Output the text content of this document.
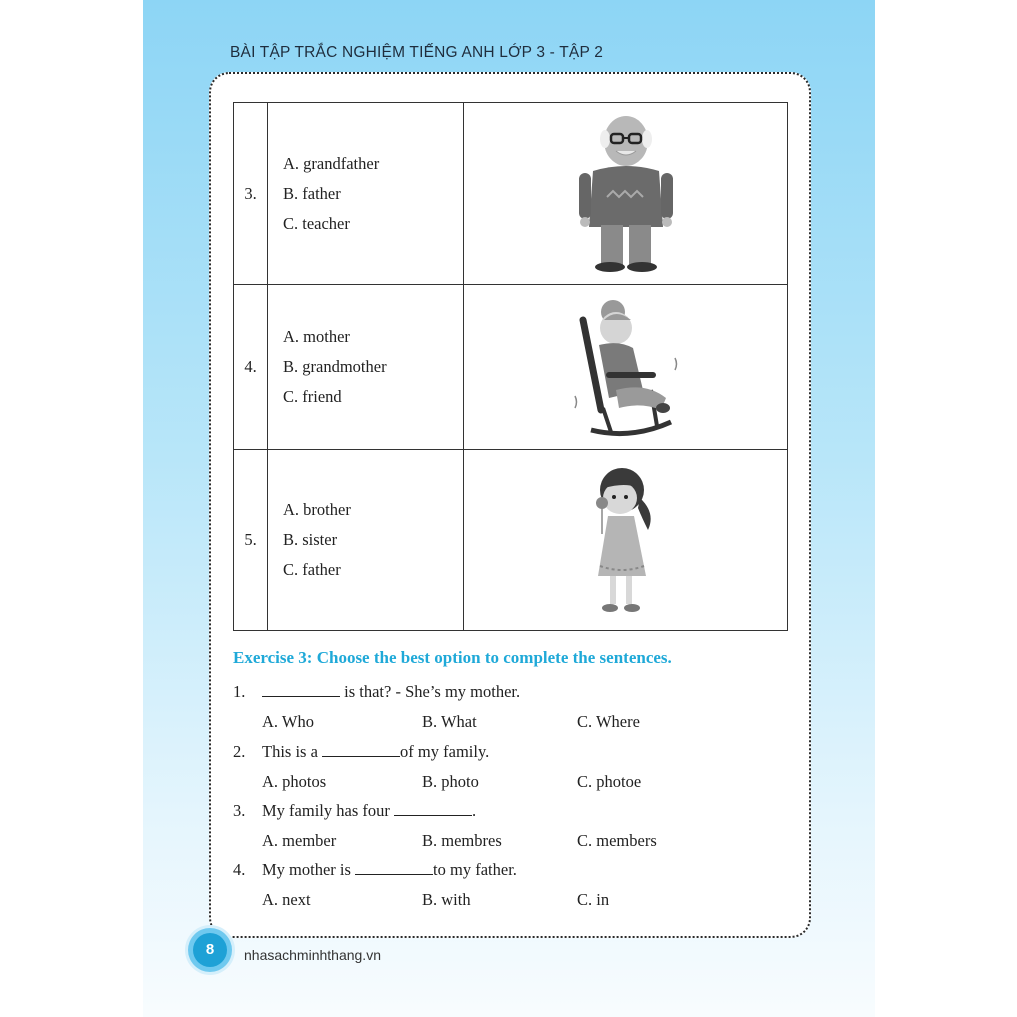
BÀI TẬP TRẮC NGHIỆM TIẾNG ANH LỚP 3 - TẬP 2
3.	A. grandfather
B. father
C. teacher

4.	A. mother
B. grandmother
C. friend

5.	A. brother
B. sister
C. father

Exercise 3: Choose the best option to complete the sentences.
1.	is that? - She’s my mother.
A. Who	B. What	C. Where
2. This is a	of my family.
A. photos	B. photo	C. photoe
3. My family has four	.
A. member	B. membres	C. members
4. My mother is	to my father.
A. next	B. with	C. in
8	nhasachminhthang.vn
